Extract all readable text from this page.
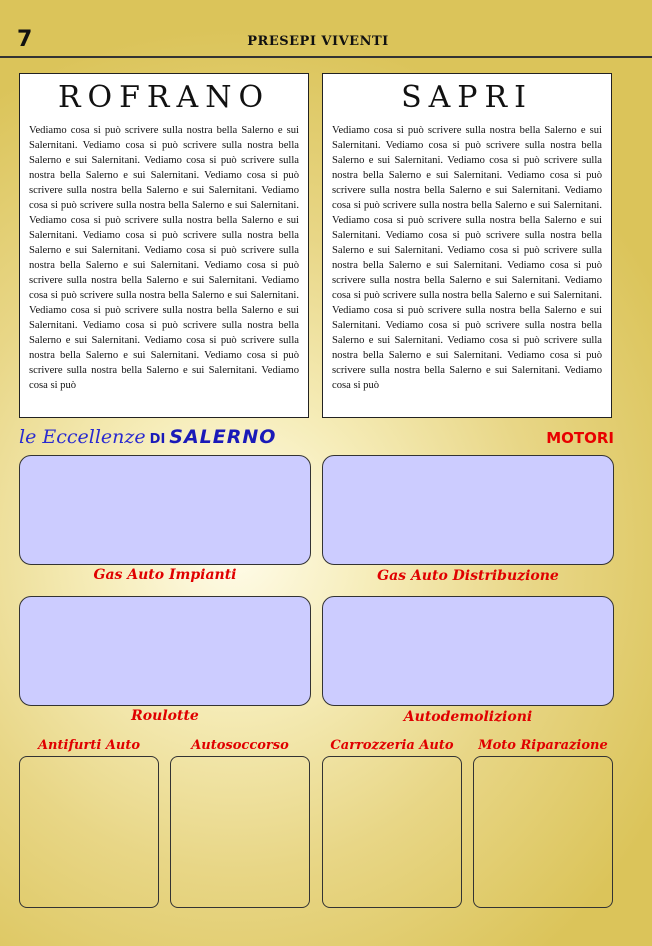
7	PRESEPI VIVENTI
ROFRANO
Vediamo cosa si può scrivere sulla nostra bella Salerno e sui Salernitani. Vediamo cosa si può scrivere sulla nostra bella Salerno e sui Salernitani. Vediamo cosa si può scrivere sulla nostra bella Salerno e sui Salernitani. Vediamo cosa si può scrivere sulla nostra bella Salerno e sui Salernitani. Vediamo cosa si può scrivere sulla nostra bella Salerno e sui Salernitani. Vediamo cosa si può scrivere sulla nostra bella Salerno e sui Salernitani. Vediamo cosa si può scrivere sulla nostra bella Salerno e sui Salernitani. Vediamo cosa si può scrivere sulla nostra bella Salerno e sui Salernitani. Vediamo cosa si può scrivere sulla nostra bella Salerno e sui Salernitani. Vediamo cosa si può scrivere sulla nostra bella Salerno e sui Salernitani. Vediamo cosa si può scrivere sulla nostra bella Salerno e sui Salernitani. Vediamo cosa si può scrivere sulla nostra bella Salerno e sui Salernitani. Vediamo cosa si può scrivere sulla nostra bella Salerno e sui Salernitani. Vediamo cosa si può scrivere sulla nostra bella Salerno e sui Salernitani. Vediamo cosa si può
SAPRI
Vediamo cosa si può scrivere sulla nostra bella Salerno e sui Salernitani. Vediamo cosa si può scrivere sulla nostra bella Salerno e sui Salernitani. Vediamo cosa si può scrivere sulla nostra bella Salerno e sui Salernitani. Vediamo cosa si può scrivere sulla nostra bella Salerno e sui Salernitani. Vediamo cosa si può scrivere sulla nostra bella Salerno e sui Salernitani. Vediamo cosa si può scrivere sulla nostra bella Salerno e sui Salernitani. Vediamo cosa si può scrivere sulla nostra bella Salerno e sui Salernitani. Vediamo cosa si può scrivere sulla nostra bella Salerno e sui Salernitani. Vediamo cosa si può scrivere sulla nostra bella Salerno e sui Salernitani. Vediamo cosa si può scrivere sulla nostra bella Salerno e sui Salernitani. Vediamo cosa si può scrivere sulla nostra bella Salerno e sui Salernitani. Vediamo cosa si può scrivere sulla nostra bella Salerno e sui Salernitani. Vediamo cosa si può scrivere sulla nostra bella Salerno e sui Salernitani. Vediamo cosa si può scrivere sulla nostra bella Salerno e sui Salernitani. Vediamo cosa si può
le Eccellenze DI SALERNO	MOTORI
Gas Auto Impianti	Gas Auto Distribuzione
Roulotte	Autodemolizioni
Antifurti Auto	Autosoccorso	Carrozzeria Auto	Moto Riparazione
